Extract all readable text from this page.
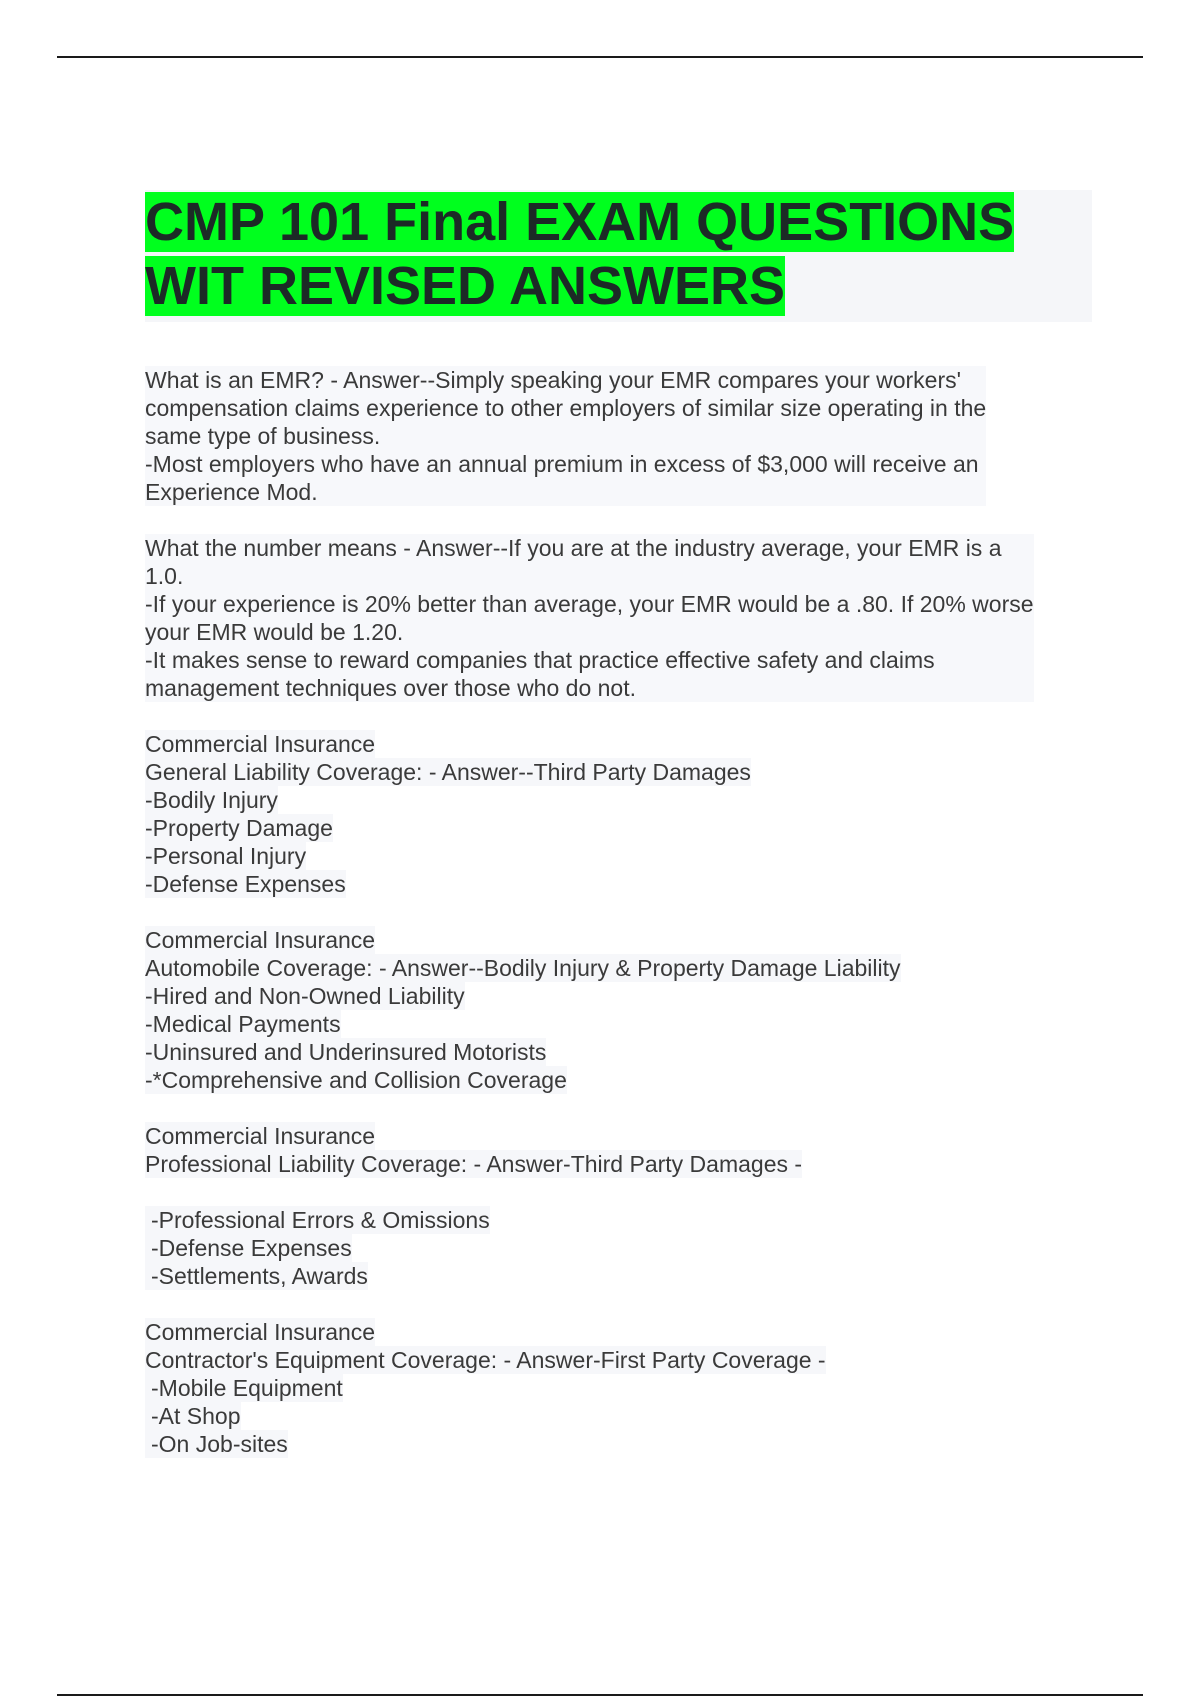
CMP 101 Final EXAM QUESTIONS
WIT REVISED ANSWERS
What is an EMR? - Answer--Simply speaking your EMR compares your workers'
compensation claims experience to other employers of similar size operating in the
same type of business.
-Most employers who have an annual premium in excess of $3,000 will receive an
Experience Mod.

What the number means - Answer--If you are at the industry average, your EMR is a
1.0.
-If your experience is 20% better than average, your EMR would be a .80. If 20% worse
your EMR would be 1.20.
-It makes sense to reward companies that practice effective safety and claims
management techniques over those who do not.
Commercial Insurance
General Liability Coverage: - Answer--Third Party Damages
-Bodily Injury
-Property Damage
-Personal Injury
-Defense Expenses
Commercial Insurance
Automobile Coverage: - Answer--Bodily Injury & Property Damage Liability
-Hired and Non-Owned Liability
-Medical Payments
-Uninsured and Underinsured Motorists
-*Comprehensive and Collision Coverage
Commercial Insurance
Professional Liability Coverage: - Answer-Third Party Damages -
-Professional Errors & Omissions
-Defense Expenses
-Settlements, Awards
Commercial Insurance
Contractor's Equipment Coverage: - Answer-First Party Coverage -
-Mobile Equipment
-At Shop
-On Job-sites
